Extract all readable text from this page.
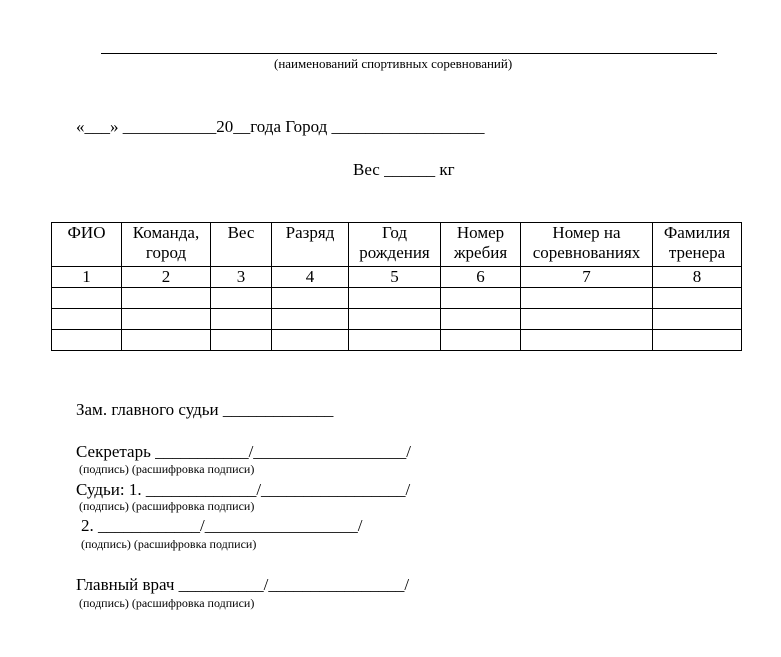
(наименований спортивных соревнований)
«___» ___________20__года Город __________________
Вес ______ кг
ФИО	Команда, город	Вес	Разряд	Год рождения	Номер жребия	Номер на соревнованиях	Фамилия тренера
1	2	3	4	5	6	7	8

Зам. главного судьи _____________
Секретарь ___________/__________________/
(подпись) (расшифровка подписи)
Судьи: 1. _____________/_________________/
(подпись) (расшифровка подписи)
2. ____________/__________________/
(подпись) (расшифровка подписи)
Главный врач __________/________________/
(подпись) (расшифровка подписи)
